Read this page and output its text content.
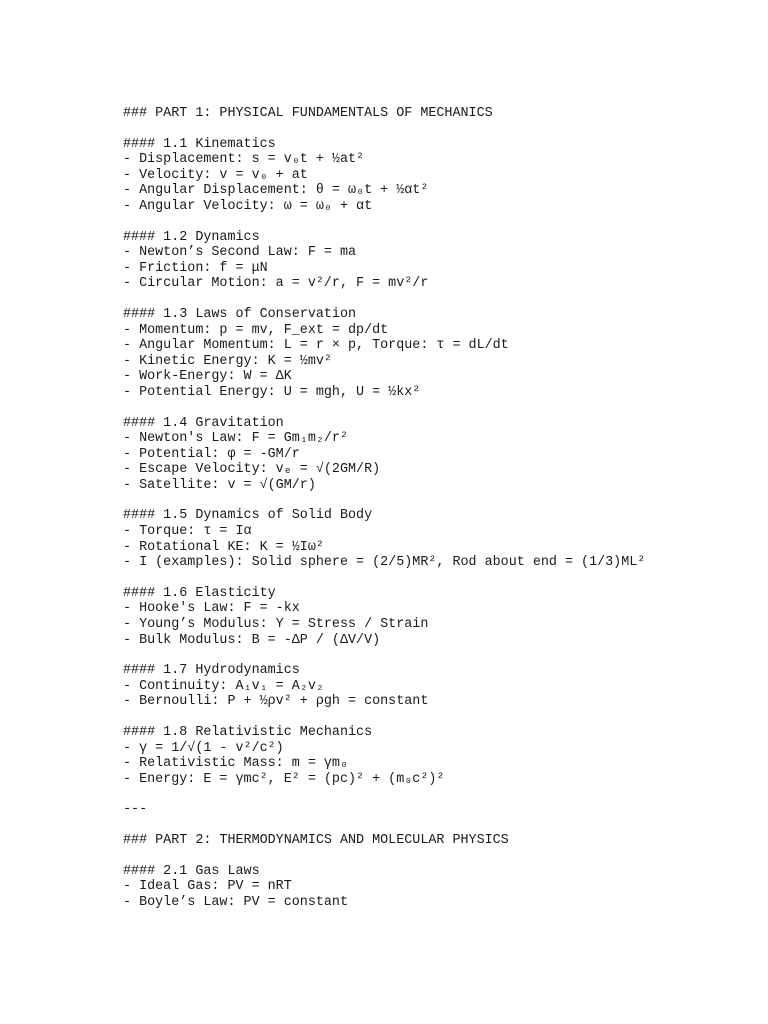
### PART 1: PHYSICAL FUNDAMENTALS OF MECHANICS
#### 1.1 Kinematics
- Displacement: s = v₀t + ½at²
- Velocity: v = v₀ + at
- Angular Displacement: θ = ω₀t + ½αt²
- Angular Velocity: ω = ω₀ + αt
#### 1.2 Dynamics
- Newton’s Second Law: F = ma
- Friction: f = μN
- Circular Motion: a = v²/r, F = mv²/r
#### 1.3 Laws of Conservation
- Momentum: p = mv, F_ext = dp/dt
- Angular Momentum: L = r × p, Torque: τ = dL/dt
- Kinetic Energy: K = ½mv²
- Work-Energy: W = ΔK
- Potential Energy: U = mgh, U = ½kx²
#### 1.4 Gravitation
- Newton's Law: F = Gm₁m₂/r²
- Potential: φ = -GM/r
- Escape Velocity: vₑ = √(2GM/R)
- Satellite: v = √(GM/r)
#### 1.5 Dynamics of Solid Body
- Torque: τ = Iα
- Rotational KE: K = ½Iω²
- I (examples): Solid sphere = (2/5)MR², Rod about end = (1/3)ML²
#### 1.6 Elasticity
- Hooke's Law: F = -kx
- Young’s Modulus: Y = Stress / Strain
- Bulk Modulus: B = -ΔP / (ΔV/V)
#### 1.7 Hydrodynamics
- Continuity: A₁v₁ = A₂v₂
- Bernoulli: P + ½ρv² + ρgh = constant
#### 1.8 Relativistic Mechanics
- γ = 1/√(1 - v²/c²)
- Relativistic Mass: m = γm₀
- Energy: E = γmc², E² = (pc)² + (m₀c²)²
---
### PART 2: THERMODYNAMICS AND MOLECULAR PHYSICS
#### 2.1 Gas Laws
- Ideal Gas: PV = nRT
- Boyle’s Law: PV = constant
